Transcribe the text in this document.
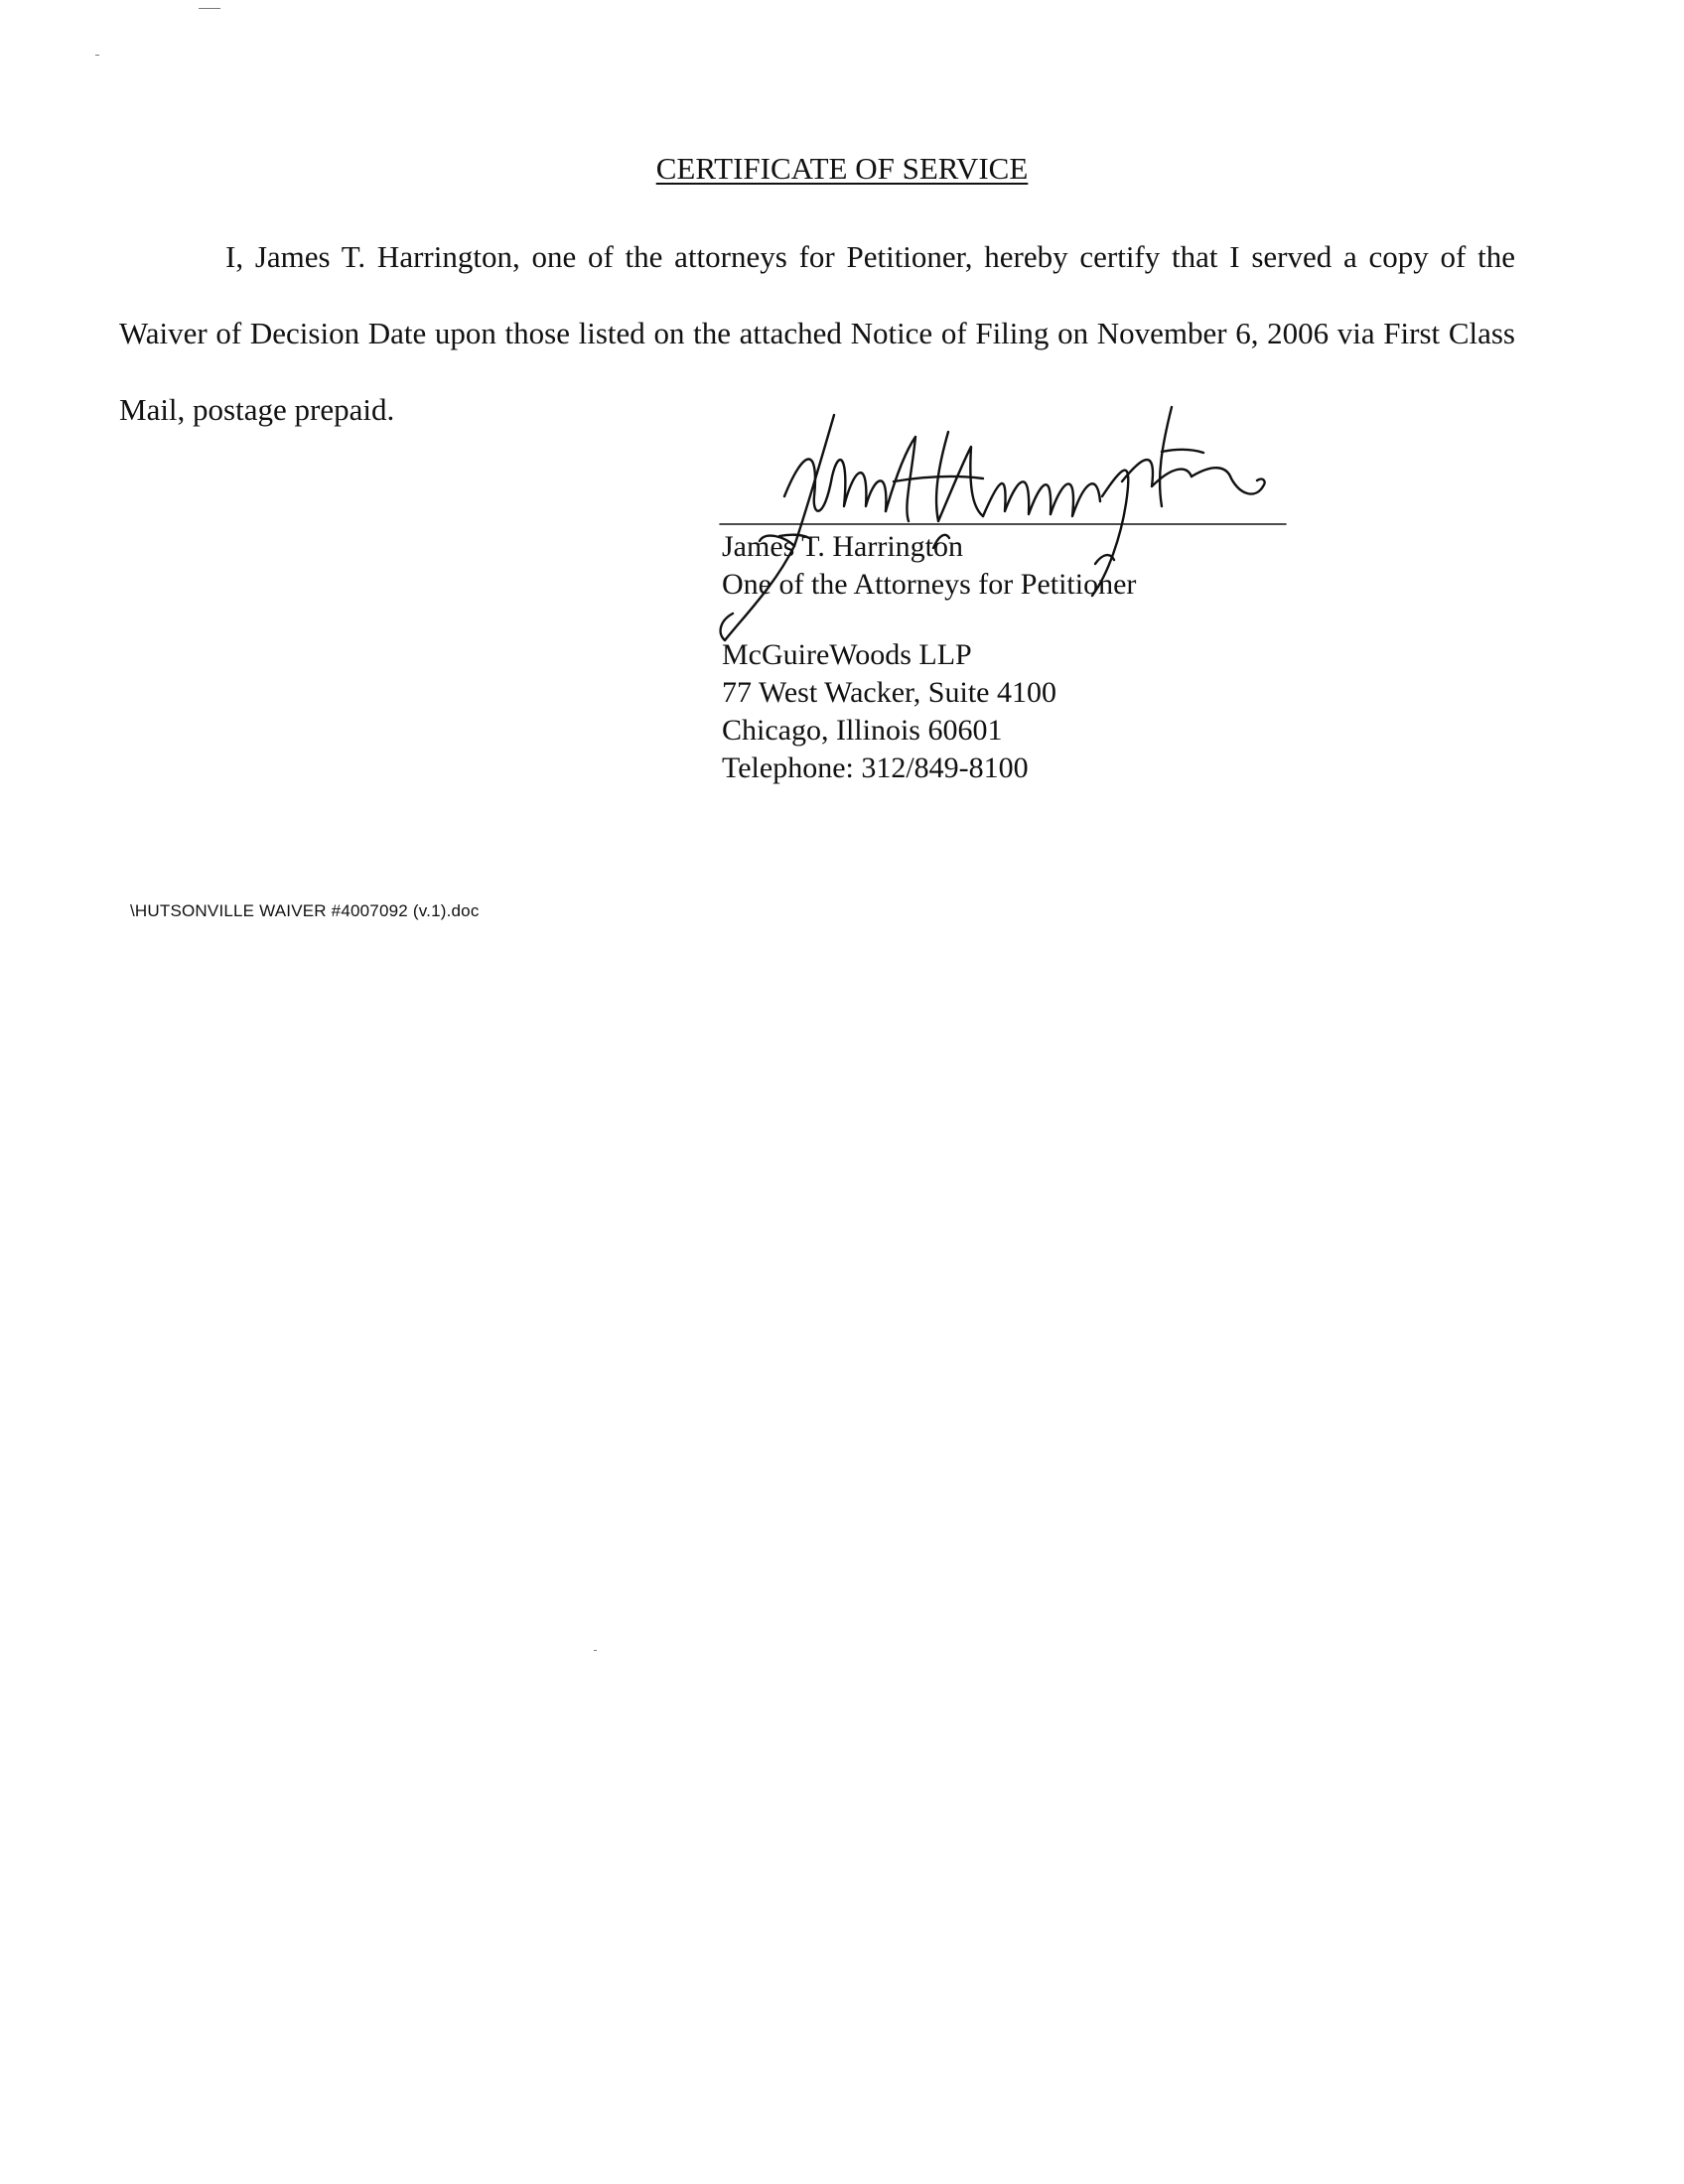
CERTIFICATE OF SERVICE

I, James T. Harrington, one of the attorneys for Petitioner, hereby certify that I served a copy of the Waiver of Decision Date upon those listed on the attached Notice of Filing on November 6, 2006 via First Class Mail, postage prepaid.

James T. Harrington
One of the Attorneys for Petitioner
McGuireWoods LLP
77 West Wacker, Suite 4100
Chicago, Illinois 60601
Telephone: 312/849-8100
\HUTSONVILLE WAIVER #4007092 (v.1).doc
